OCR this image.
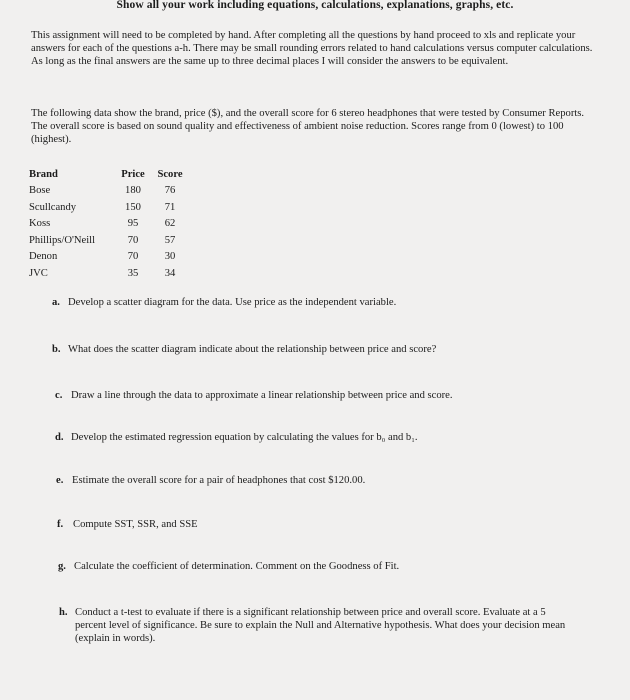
Show all your work including equations, calculations, explanations, graphs, etc.
This assignment will need to be completed by hand. After completing all the questions by hand proceed to xls and replicate your answers for each of the questions a-h. There may be small rounding errors related to hand calculations versus computer calculations. As long as the final answers are the same up to three decimal places I will consider the answers to be equivalent.
The following data show the brand, price ($), and the overall score for 6 stereo headphones that were tested by Consumer Reports. The overall score is based on sound quality and effectiveness of ambient noise reduction. Scores range from 0 (lowest) to 100 (highest).
Brand	Price	Score
Bose	180	76
Scullcandy	150	71
Koss	95	62
Phillips/O'Neill	70	57
Denon	70	30
JVC	35	34
a. Develop a scatter diagram for the data. Use price as the independent variable.
b. What does the scatter diagram indicate about the relationship between price and score?
c. Draw a line through the data to approximate a linear relationship between price and score.
d. Develop the estimated regression equation by calculating the values for b₀ and b₁.
e. Estimate the overall score for a pair of headphones that cost $120.00.
f. Compute SST, SSR, and SSE
g. Calculate the coefficient of determination. Comment on the Goodness of Fit.
h. Conduct a t-test to evaluate if there is a significant relationship between price and overall score. Evaluate at a 5 percent level of significance. Be sure to explain the Null and Alternative hypothesis. What does your decision mean (explain in words).
